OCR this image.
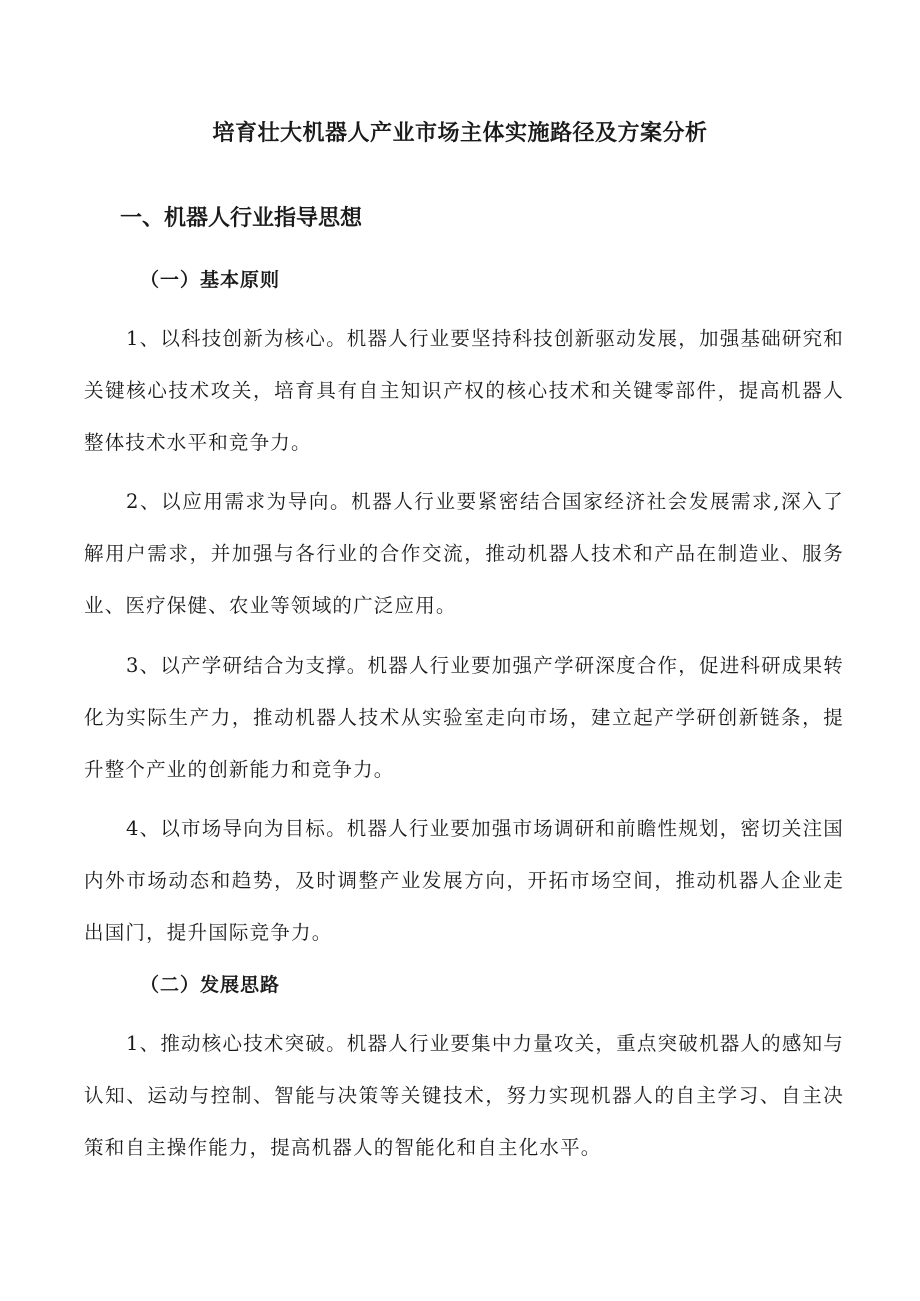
培育壮大机器人产业市场主体实施路径及方案分析
一、机器人行业指导思想
（一）基本原则

1、以科技创新为核心。机器人行业要坚持科技创新驱动发展，加强基础研究和关键核心技术攻关，培育具有自主知识产权的核心技术和关键零部件，提高机器人整体技术水平和竞争力。

2、以应用需求为导向。机器人行业要紧密结合国家经济社会发展需求,深入了解用户需求，并加强与各行业的合作交流，推动机器人技术和产品在制造业、服务业、医疗保健、农业等领域的广泛应用。

3、以产学研结合为支撑。机器人行业要加强产学研深度合作，促进科研成果转化为实际生产力，推动机器人技术从实验室走向市场，建立起产学研创新链条，提升整个产业的创新能力和竞争力。

4、以市场导向为目标。机器人行业要加强市场调研和前瞻性规划，密切关注国内外市场动态和趋势，及时调整产业发展方向，开拓市场空间，推动机器人企业走出国门，提升国际竞争力。

（二）发展思路

1、推动核心技术突破。机器人行业要集中力量攻关，重点突破机器人的感知与认知、运动与控制、智能与决策等关键技术，努力实现机器人的自主学习、自主决策和自主操作能力，提高机器人的智能化和自主化水平。
